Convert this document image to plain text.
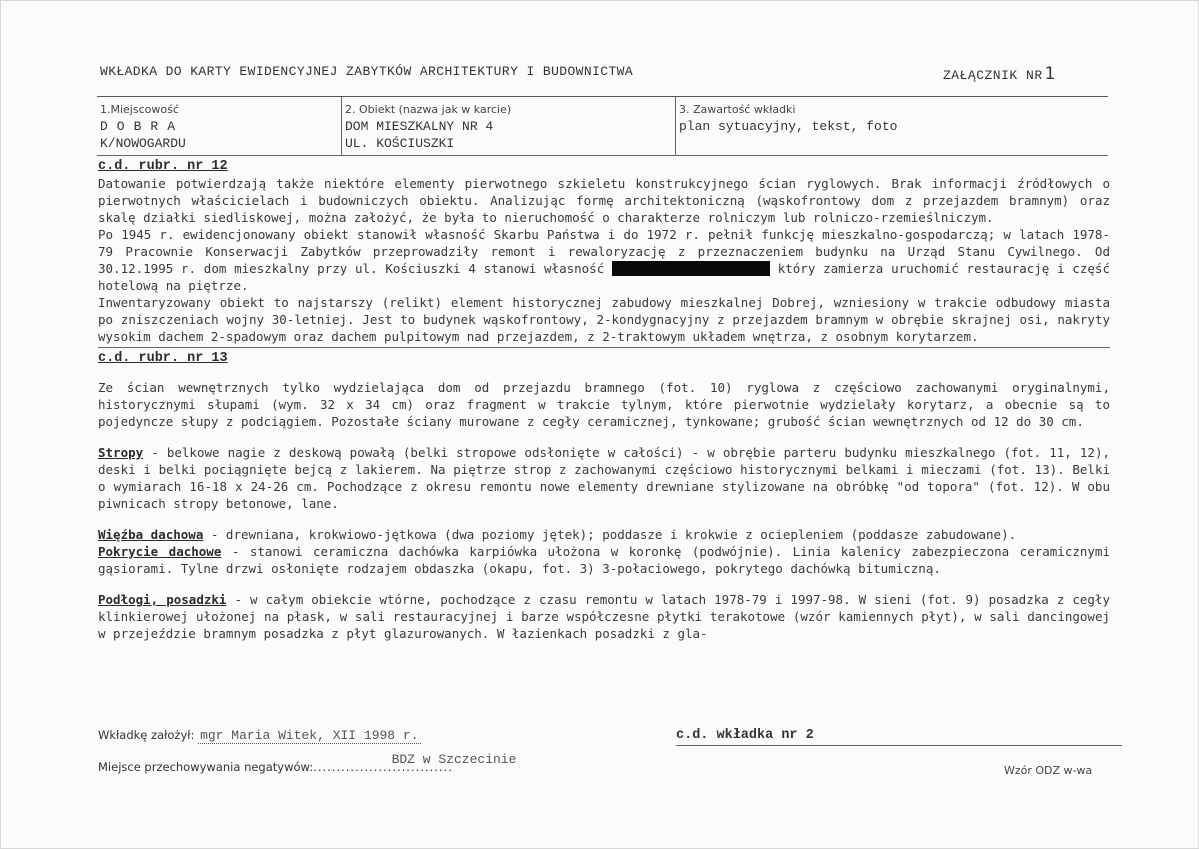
WKŁADKA DO KARTY EWIDENCYJNEJ ZABYTKÓW ARCHITEKTURY I BUDOWNICTWA	ZAŁĄCZNIK NR 1
1.Miejscowość
DOBRA
K/NOWOGARDU
2. Obiekt (nazwa jak w karcie)
DOM MIESZKALNY NR 4
UL. KOŚCIUSZKI
3. Zawartość wkładki
plan sytuacyjny, tekst, foto
c.d. rubr. nr 12

Datowanie potwierdzają także niektóre elementy pierwotnego szkieletu konstrukcyjnego ścian ryglowych. Brak informacji źródłowych o pierwotnych właścicielach i budowniczych obiektu. Analizując formę architektoniczną (wąskofrontowy dom z przejazdem bramnym) oraz skalę działki siedliskowej, można założyć, że była to nieruchomość o charakterze rolniczym lub rolniczo-rzemieślniczym.

Po 1945 r. ewidencjonowany obiekt stanowił własność Skarbu Państwa i do 1972 r. pełnił funkcję mieszkalno-gospodarczą; w latach 1978-79 Pracownie Konserwacji Zabytków przeprowadziły remont i rewaloryzację z przeznaczeniem budynku na Urząd Stanu Cywilnego. Od 30.12.1995 r. dom mieszkalny przy ul. Kościuszki 4 stanowi własność	który zamierza uruchomić restaurację i część hotelową na piętrze.

Inwentaryzowany obiekt to najstarszy (relikt) element historycznej zabudowy mieszkalnej Dobrej, wzniesiony w trakcie odbudowy miasta po zniszczeniach wojny 30-letniej. Jest to budynek wąskofrontowy, 2-kondygnacyjny z przejazdem bramnym w obrębie skrajnej osi, nakryty wysokim dachem 2-spadowym oraz dachem pulpitowym nad przejazdem, z 2-traktowym układem wnętrza, z osobnym korytarzem.

c.d. rubr. nr 13

Ze ścian wewnętrznych tylko wydzielająca dom od przejazdu bramnego (fot. 10) ryglowa z częściowo zachowanymi oryginalnymi, historycznymi słupami (wym. 32 x 34 cm) oraz fragment w trakcie tylnym, które pierwotnie wydzielały korytarz, a obecnie są to pojedyncze słupy z podciągiem. Pozostałe ściany murowane z cegły ceramicznej, tynkowane; grubość ścian wewnętrznych od 12 do 30 cm.

Stropy - belkowe nagie z deskową powałą (belki stropowe odsłonięte w całości) - w obrębie parteru budynku mieszkalnego (fot. 11, 12), deski i belki pociągnięte bejcą z lakierem. Na piętrze strop z zachowanymi częściowo historycznymi belkami i mieczami (fot. 13). Belki o wymiarach 16-18 x 24-26 cm. Pochodzące z okresu remontu nowe elementy drewniane stylizowane na obróbkę "od topora" (fot. 12). W obu piwnicach stropy betonowe, lane.

Więźba dachowa - drewniana, krokwiowo-jętkowa (dwa poziomy jętek); poddasze i krokwie z ociepleniem (poddasze zabudowane).

Pokrycie dachowe - stanowi ceramiczna dachówka karpiówka ułożona w koronkę (podwójnie). Linia kalenicy zabezpieczona ceramicznymi gąsiorami. Tylne drzwi osłonięte rodzajem obdaszka (okapu, fot. 3) 3-połaciowego, pokrytego dachówką bitumiczną.

Podłogi, posadzki - w całym obiekcie wtórne, pochodzące z czasu remontu w latach 1978-79 i 1997-98. W sieni (fot. 9) posadzka z cegły klinkierowej ułożonej na płask, w sali restauracyjnej i barze współczesne płytki terakotowe (wzór kamiennych płyt), w sali dancingowej w przejeździe bramnym posadzka z płyt glazurowanych. W łazienkach posadzki z gla-

Wkładkę założył: mgr Maria Witek, XII 1998 r.	c.d. wkładka nr 2
Miejsce przechowywania negatywów:..............................
BDZ w Szczecinie
Wzór ODZ w-wa
